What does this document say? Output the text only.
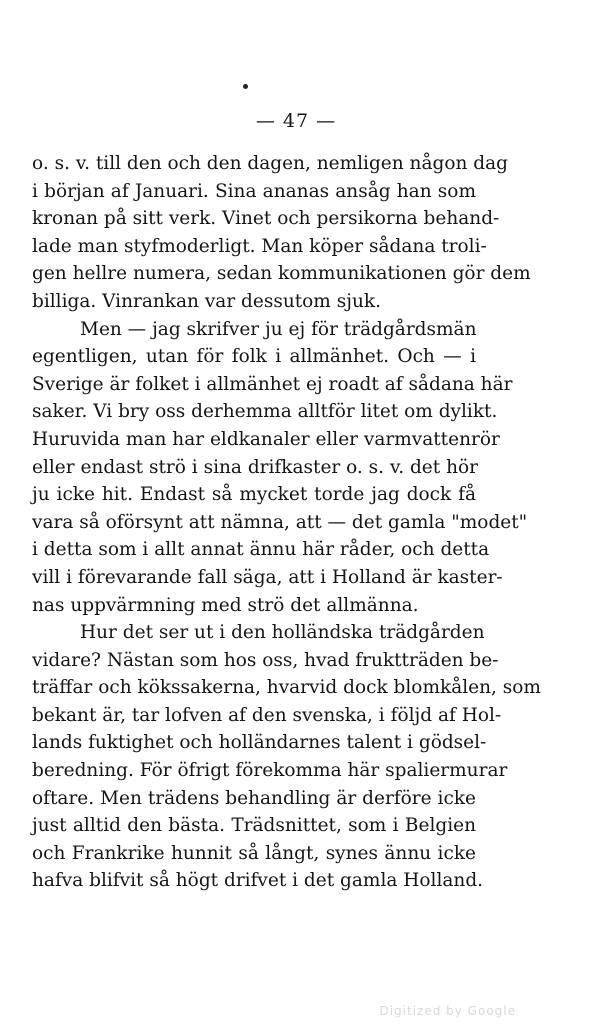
— 47 —
o. s. v. till den och den dagen, nemligen någon dag
i början af Januari. Sina ananas ansåg han som
kronan på sitt verk. Vinet och persikorna behand-
lade man styfmoderligt. Man köper sådana troli-
gen hellre numera, sedan kommunikationen gör dem
billiga. Vinrankan var dessutom sjuk.
Men — jag skrifver ju ej för trädgårdsmän
egentligen, utan för folk i allmänhet. Och — i
Sverige är folket i allmänhet ej roadt af sådana här
saker. Vi bry oss derhemma alltför litet om dylikt.
Huruvida man har eldkanaler eller varmvattenrör
eller endast strö i sina drifkaster o. s. v. det hör
ju icke hit. Endast så mycket torde jag dock få
vara så oförsynt att nämna, att — det gamla "modet"
i detta som i allt annat ännu här råder, och detta
vill i förevarande fall säga, att i Holland är kaster-
nas uppvärmning med strö det allmänna.
Hur det ser ut i den holländska trädgården
vidare? Nästan som hos oss, hvad fruktträden be-
träffar och kökssakerna, hvarvid dock blomkålen, som
bekant är, tar lofven af den svenska, i följd af Hol-
lands fuktighet och holländarnes talent i gödsel-
beredning. För öfrigt förekomma här spaliermurar
oftare. Men trädens behandling är derföre icke
just alltid den bästa. Trädsnittet, som i Belgien
och Frankrike hunnit så långt, synes ännu icke
hafva blifvit så högt drifvet i det gamla Holland.
Digitized by Google
